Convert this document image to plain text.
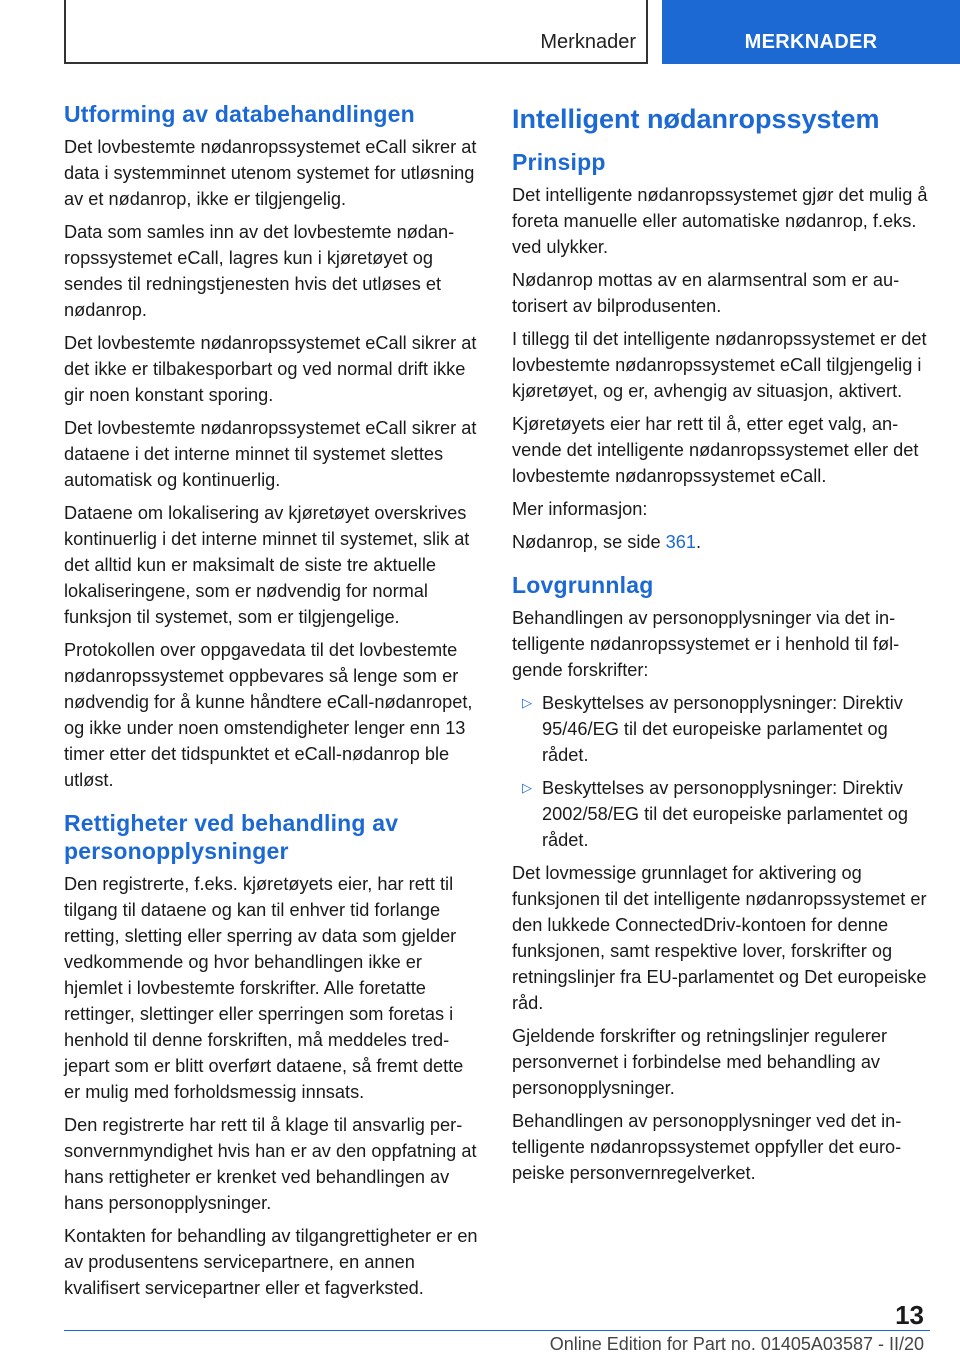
Merknader	MERKNADER
Utforming av databehandlingen

Det lovbestemte nødanropssystemet eCall sikrer at data i systemminnet utenom systemet for utløsning av et nødanrop, ikke er tilgjengelig.

Data som samles inn av det lovbestemte nødanropssystemet eCall, lagres kun i kjøretøyet og sendes til redningstjenesten hvis det utløses et nødanrop.

Det lovbestemte nødanropssystemet eCall sikrer at det ikke er tilbakesporbart og ved normal drift ikke gir noen konstant sporing.

Det lovbestemte nødanropssystemet eCall sikrer at dataene i det interne minnet til systemet slettes automatisk og kontinuerlig.

Dataene om lokalisering av kjøretøyet overskrives kontinuerlig i det interne minnet til systemet, slik at det alltid kun er maksimalt de siste tre aktuelle lokaliseringene, som er nødvendig for normal funksjon til systemet, som er tilgjengelige.

Protokollen over oppgavedata til det lovbestemte nødanropssystemet oppbevares så lenge som er nødvendig for å kunne håndtere eCall-nødanropet, og ikke under noen omstendigheter lenger enn 13 timer etter det tidspunktet et eCall-nødanrop ble utløst.

Rettigheter ved behandling av personopplysninger

Den registrerte, f.eks. kjøretøyets eier, har rett til tilgang til dataene og kan til enhver tid forlange retting, sletting eller sperring av data som gjelder vedkommende og hvor behandlingen ikke er hjemlet i lovbestemte forskrifter. Alle foretatte rettinger, slettinger eller sperringen som foretas i henhold til denne forskriften, må meddeles tredjepart som er blitt overført dataene, så fremt dette er mulig med forholdsmessig innsats.

Den registrerte har rett til å klage til ansvarlig personvernmyndighet hvis han er av den oppfatning at hans rettigheter er krenket ved behandlingen av hans personopplysninger.

Kontakten for behandling av tilgangrettigheter er en av produsentens servicepartnere, en annen kvalifisert servicepartner eller et fagverksted.

Intelligent nødanropssystem
Prinsipp

Det intelligente nødanropssystemet gjør det mulig å foreta manuelle eller automatiske nødanrop, f.eks. ved ulykker.

Nødanrop mottas av en alarmsentral som er autorisert av bilprodusenten.

I tillegg til det intelligente nødanropssystemet er det lovbestemte nødanropssystemet eCall tilgjengelig i kjøretøyet, og er, avhengig av situasjon, aktivert.

Kjøretøyets eier har rett til å, etter eget valg, anvende det intelligente nødanropssystemet eller det lovbestemte nødanropssystemet eCall.

Mer informasjon:

Nødanrop, se side 361.

Lovgrunnlag

Behandlingen av personopplysninger via det intelligente nødanropssystemet er i henhold til følgende forskrifter:

▷ Beskyttelses av personopplysninger: Direktiv 95/46/EG til det europeiske parlamentet og rådet.
▷ Beskyttelses av personopplysninger: Direktiv 2002/58/EG til det europeiske parlamentet og rådet.

Det lovmessige grunnlaget for aktivering og funksjonen til det intelligente nødanropssystemet er den lukkede ConnectedDriv-kontoen for denne funksjonen, samt respektive lover, forskrifter og retningslinjer fra EU-parlamentet og Det europeiske råd.

Gjeldende forskrifter og retningslinjer regulerer personvernet i forbindelse med behandling av personopplysninger.

Behandlingen av personopplysninger ved det intelligente nødanropssystemet oppfyller det europeiske personvernregelverket.

13
Online Edition for Part no. 01405A03587 - II/20
